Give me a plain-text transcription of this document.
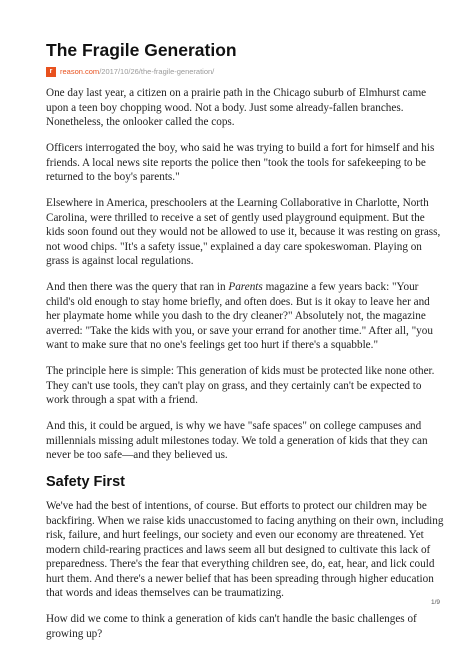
The Fragile Generation
r	reason.com/2017/10/26/the-fragile-generation/

One day last year, a citizen on a prairie path in the Chicago suburb of Elmhurst came upon a teen boy chopping wood. Not a body. Just some already-fallen branches. Nonetheless, the onlooker called the cops.

Officers interrogated the boy, who said he was trying to build a fort for himself and his friends. A local news site reports the police then "took the tools for safekeeping to be returned to the boy's parents."

Elsewhere in America, preschoolers at the Learning Collaborative in Charlotte, North Carolina, were thrilled to receive a set of gently used playground equipment. But the kids soon found out they would not be allowed to use it, because it was resting on grass, not wood chips. "It's a safety issue," explained a day care spokeswoman. Playing on grass is against local regulations.

And then there was the query that ran in Parents magazine a few years back: "Your child's old enough to stay home briefly, and often does. But is it okay to leave her and her playmate home while you dash to the dry cleaner?" Absolutely not, the magazine averred: "Take the kids with you, or save your errand for another time." After all, "you want to make sure that no one's feelings get too hurt if there's a squabble."

The principle here is simple: This generation of kids must be protected like none other. They can't use tools, they can't play on grass, and they certainly can't be expected to work through a spat with a friend.

And this, it could be argued, is why we have "safe spaces" on college campuses and millennials missing adult milestones today. We told a generation of kids that they can never be too safe—and they believed us.

Safety First

We've had the best of intentions, of course. But efforts to protect our children may be backfiring. When we raise kids unaccustomed to facing anything on their own, including risk, failure, and hurt feelings, our society and even our economy are threatened. Yet modern child-rearing practices and laws seem all but designed to cultivate this lack of preparedness. There's the fear that everything children see, do, eat, hear, and lick could hurt them. And there's a newer belief that has been spreading through higher education that words and ideas themselves can be traumatizing.

How did we come to think a generation of kids can't handle the basic challenges of growing up?

1/9
